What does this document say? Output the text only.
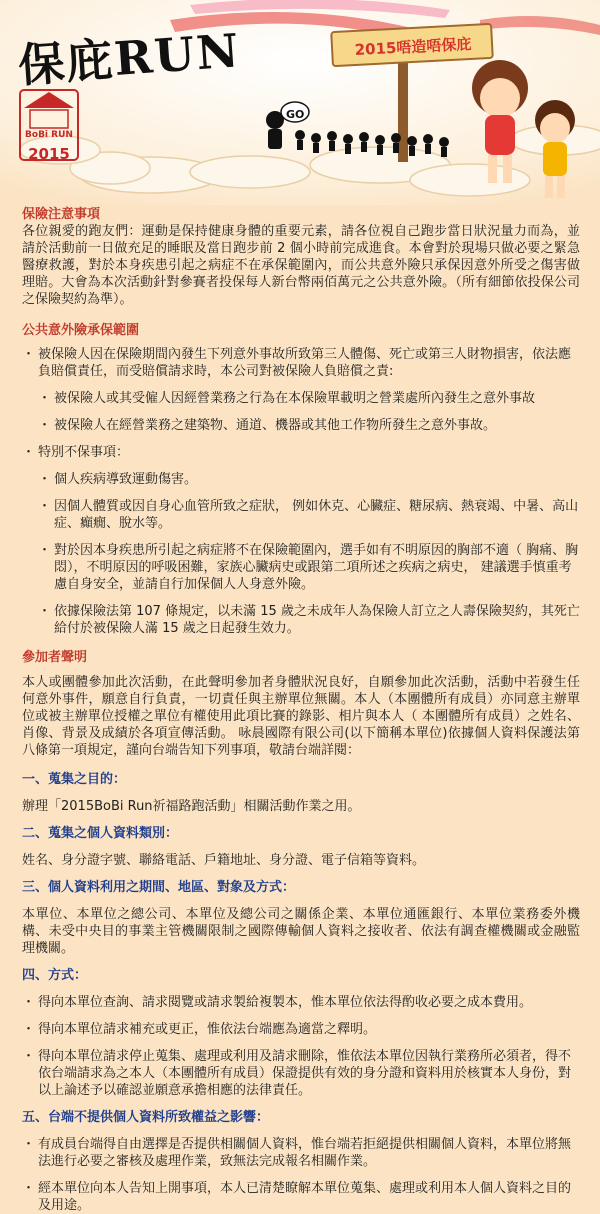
保庇RUN	2015唔造唔保庇
BoBi RUN
2015
GO

保險注意事項

各位親愛的跑友們：運動是保持健康身體的重要元素，請各位視自己跑步當日狀況量力而為，並請於活動前一日做充足的睡眠及當日跑步前 2 個小時前完成進食。本會對於現場只做必要之緊急醫療救護，對於本身疾患引起之病症不在承保範圍內，而公共意外險只承保因意外所受之傷害做理賠。大會為本次活動針對參賽者投保每人新台幣兩佰萬元之公共意外險。（所有細節依投保公司之保險契約為準）。

公共意外險承保範圍

・ 被保險人因在保險期間內發生下列意外事故所致第三人體傷、死亡或第三人財物損害，依法應負賠償責任，而受賠償請求時，本公司對被保險人負賠償之責:

・ 被保險人或其受僱人因經營業務之行為在本保險單載明之營業處所內發生之意外事故

・ 被保險人在經營業務之建築物、通道、機器或其他工作物所發生之意外事故。

・ 特別不保事項：

・ 個人疾病導致運動傷害。

・ 因個人體質或因自身心血管所致之症狀， 例如休克、心臟症、糖尿病、熱衰竭、中暑、高山症、癲癇、脫水等。

・ 對於因本身疾患所引起之病症將不在保險範圍內，選手如有不明原因的胸部不適（ 胸痛、胸悶），不明原因的呼吸困難，家族心臟病史或跟第二項所述之疾病之病史， 建議選手慎重考慮自身安全，並請自行加保個人人身意外險。

・ 依據保險法第 107 條規定，以未滿 15 歲之未成年人為保險人訂立之人壽保險契約，其死亡給付於被保險人滿 15 歲之日起發生效力。

參加者聲明

本人或團體參加此次活動，在此聲明參加者身體狀況良好，自願參加此次活動，活動中若發生任何意外事件，願意自行負責，一切責任與主辦單位無關。本人（本團體所有成員）亦同意主辦單位或被主辦單位授權之單位有權使用此項比賽的錄影、相片與本人（ 本團體所有成員）之姓名、肖像、背景及成績於各項宣傳活動。 咏晨國際有限公司(以下簡稱本單位)依據個人資料保護法第八條第一項規定，謹向台端告知下列事項，敬請台端詳閱：

一、蒐集之目的：

辦理「2015BoBi Run祈福路跑活動」相關活動作業之用。

二、蒐集之個人資料類別：

姓名、身分證字號、聯絡電話、戶籍地址、身分證、電子信箱等資料。

三、個人資料利用之期間、地區、對象及方式：

本單位、本單位之總公司、本單位及總公司之關係企業、本單位通匯銀行、本單位業務委外機構、未受中央目的事業主管機關限制之國際傳輸個人資料之接收者、依法有調查權機關或金融監理機關。

四、方式：

・ 得向本單位查詢、請求閱覽或請求製給複製本，惟本單位依法得酌收必要之成本費用。

・ 得向本單位請求補充或更正，惟依法台端應為適當之釋明。

・ 得向本單位請求停止蒐集、處理或利用及請求刪除，惟依法本單位因執行業務所必須者，得不依台端請求為之本人（本團體所有成員）保證提供有效的身分證和資料用於核實本人身份，對以上論述予以確認並願意承擔相應的法律責任。

五、台端不提供個人資料所致權益之影響：

・ 有成員台端得自由選擇是否提供相關個人資料，惟台端若拒絕提供相關個人資料，本單位將無法進行必要之審核及處理作業，致無法完成報名相關作業。

・ 經本單位向本人告知上開事項，本人已清楚瞭解本單位蒐集、處理或利用本人個人資料之目的及用途。
